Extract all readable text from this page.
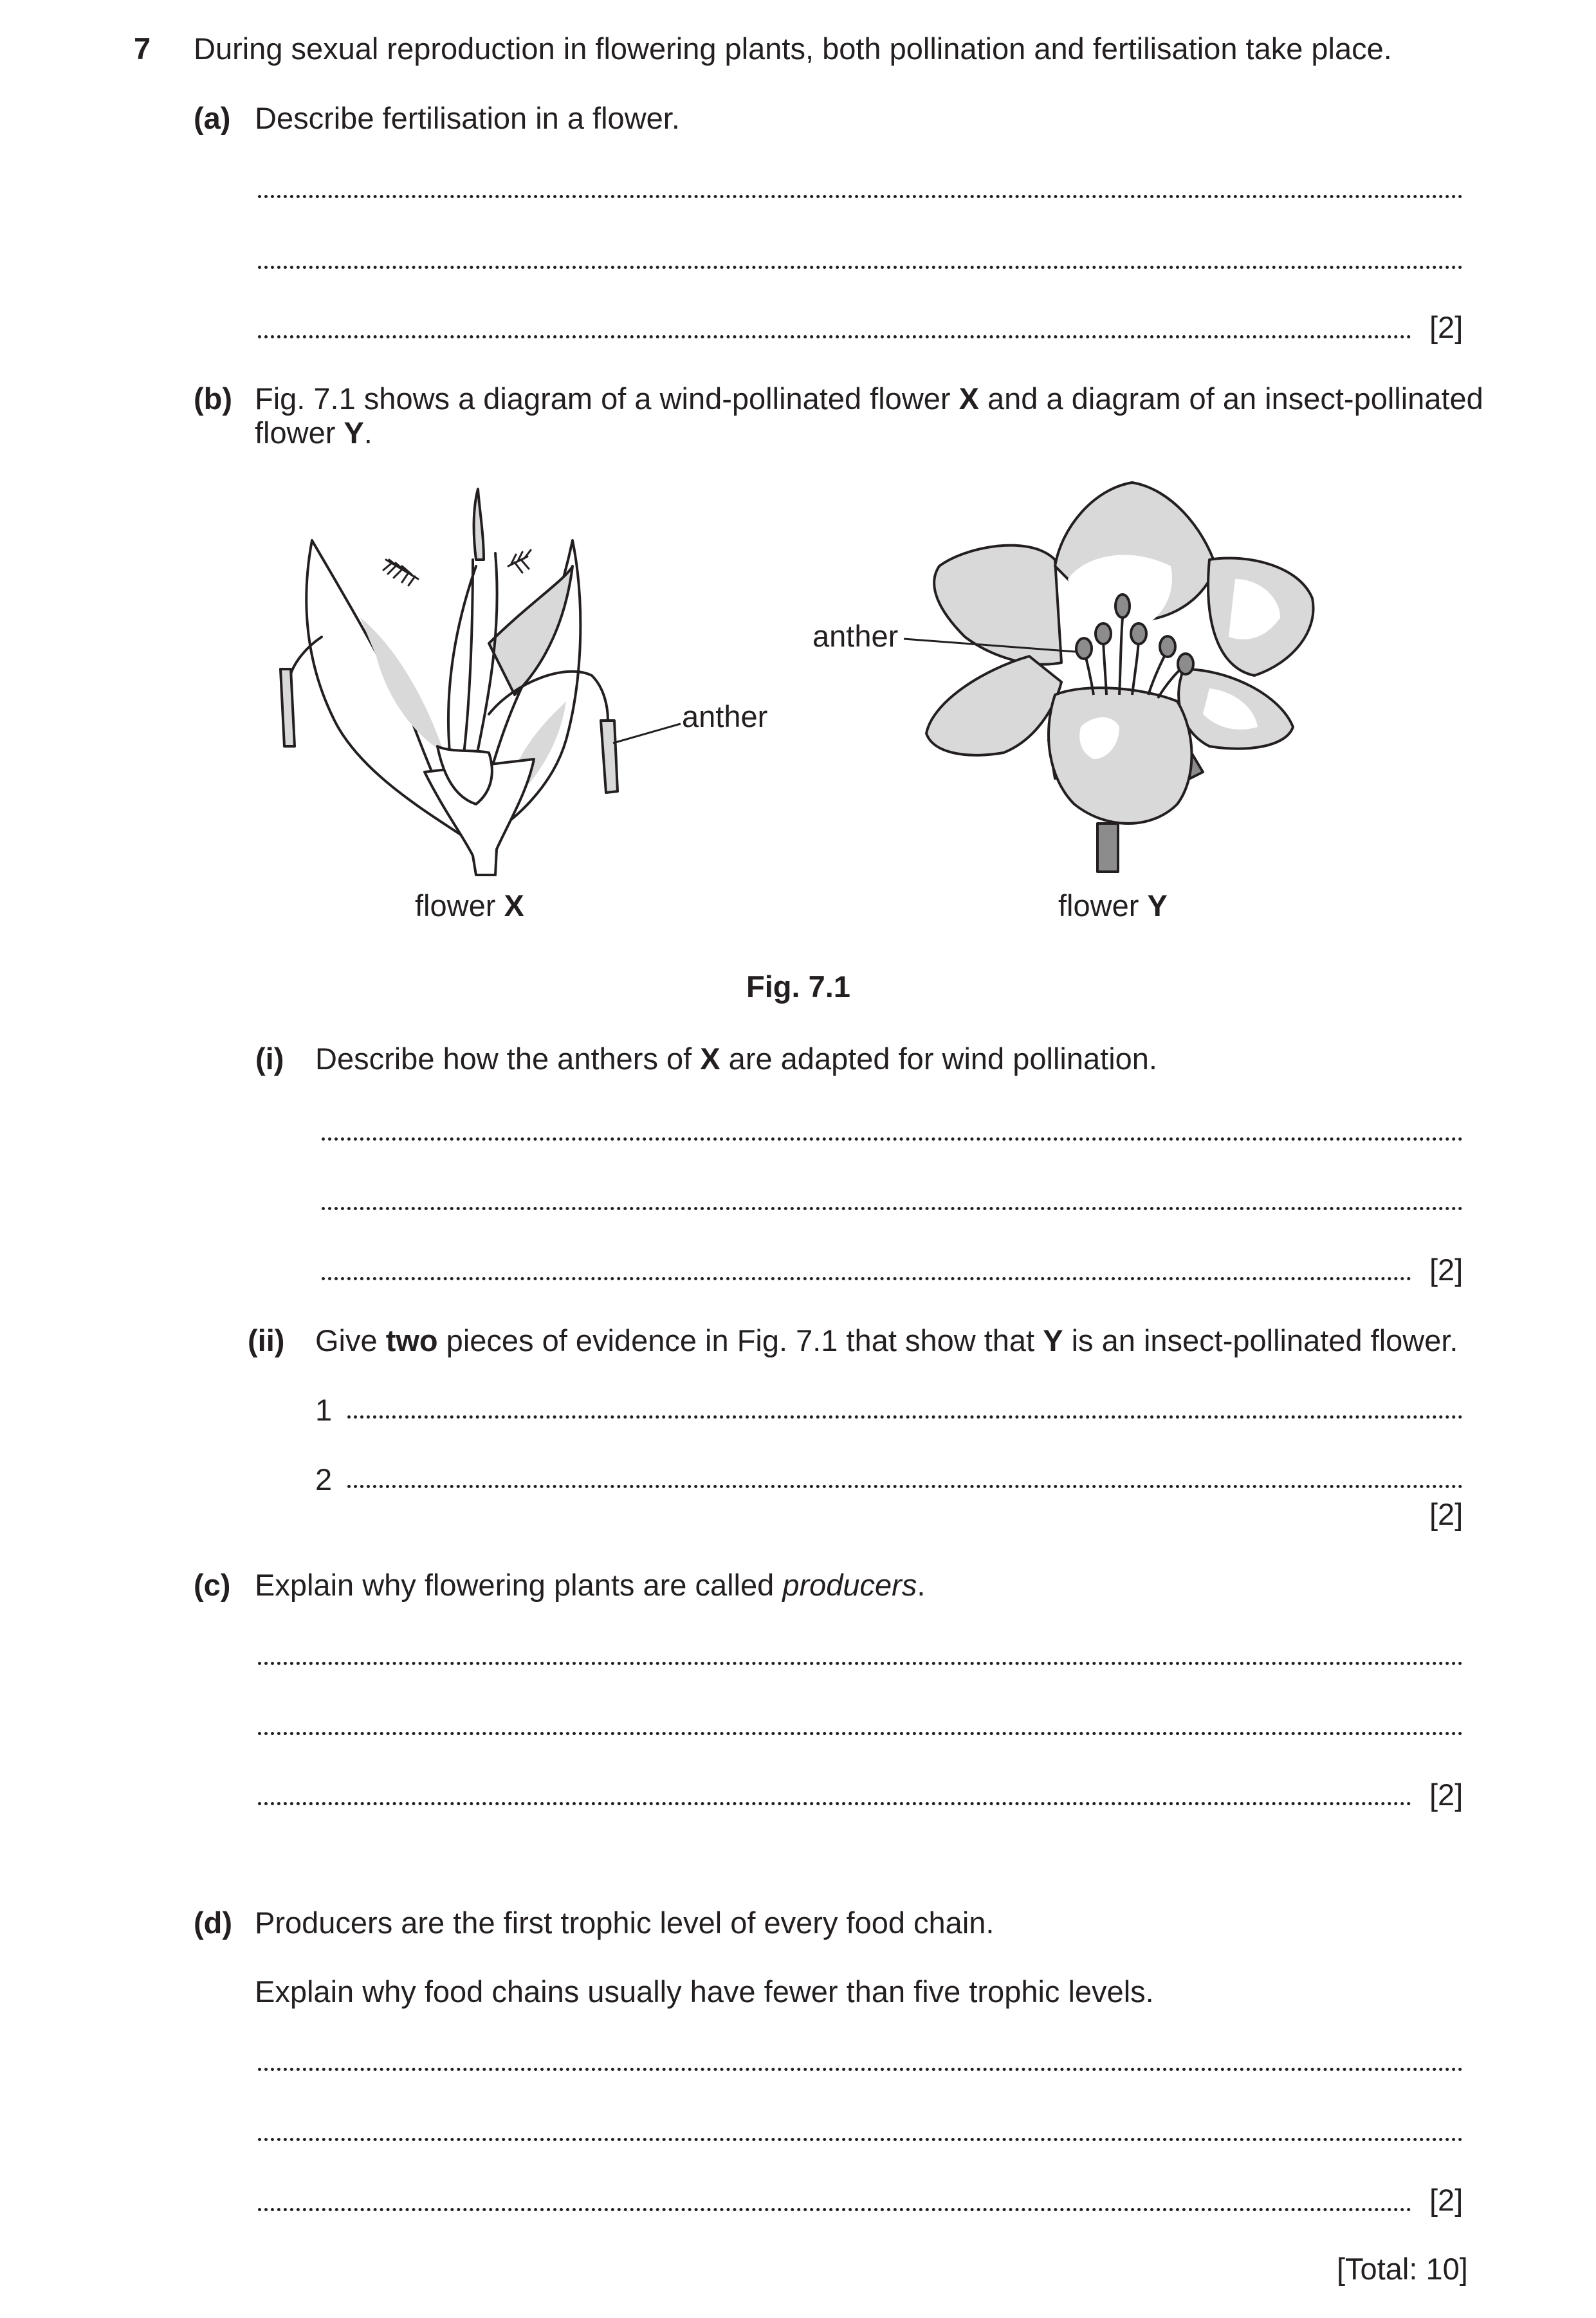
7 During sexual reproduction in flowering plants, both pollination and fertilisation take place.
(a) Describe fertilisation in a flower.
[2]
(b) Fig. 7.1 shows a diagram of a wind-pollinated flower X and a diagram of an insect-pollinated
flower Y.
anther
anther
flower X	flower Y
Fig. 7.1
(i) Describe how the anthers of X are adapted for wind pollination.
[2]
(ii) Give two pieces of evidence in Fig. 7.1 that show that Y is an insect-pollinated flower.
1
2
[2]
(c) Explain why flowering plants are called producers.
[2]
(d) Producers are the first trophic level of every food chain.
Explain why food chains usually have fewer than five trophic levels.
[2]
[Total: 10]
